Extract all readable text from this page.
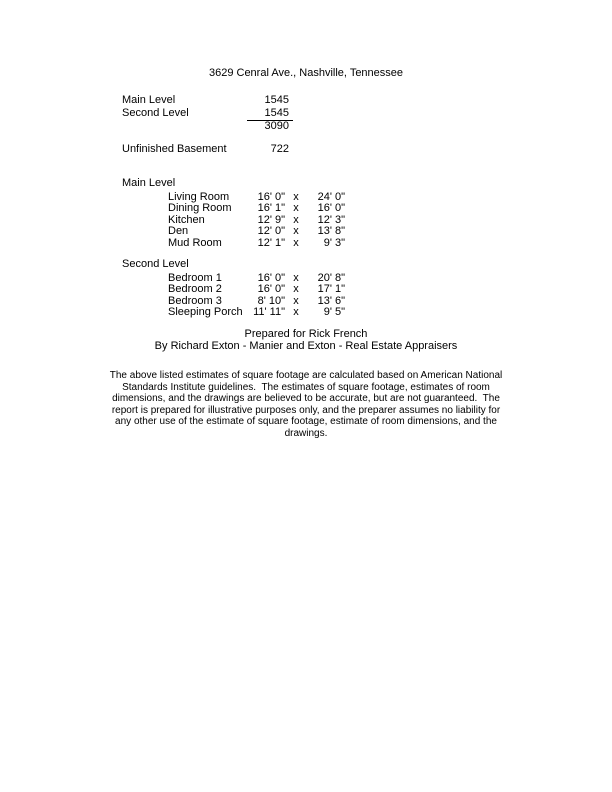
3629 Cenral Ave., Nashville, Tennessee
Main Level	1545
Second Level	1545
3090
Unfinished Basement	722
Main Level
Living Room	16' 0" x 24' 0"
Dining Room 16' 1" x 16' 0"
Kitchen	12' 9" x 12' 3"
Den	12' 0" x 13' 8"
Mud Room	12' 1" x 9' 3"
Second Level
Bedroom 1	16' 0" x 20' 8"
Bedroom 2	16' 0" x 17' 1"
Bedroom 3	8' 10" x 13' 6"
Sleeping Porch 11' 11" x 9' 5"
Prepared for Rick French
By Richard Exton - Manier and Exton - Real Estate Appraisers
The above listed estimates of square footage are calculated based on American National
Standards Institute guidelines.  The estimates of square footage, estimates of room
dimensions, and the drawings are believed to be accurate, but are not guaranteed.  The
report is prepared for illustrative purposes only, and the preparer assumes no liability for
any other use of the estimate of square footage, estimate of room dimensions, and the
drawings.
